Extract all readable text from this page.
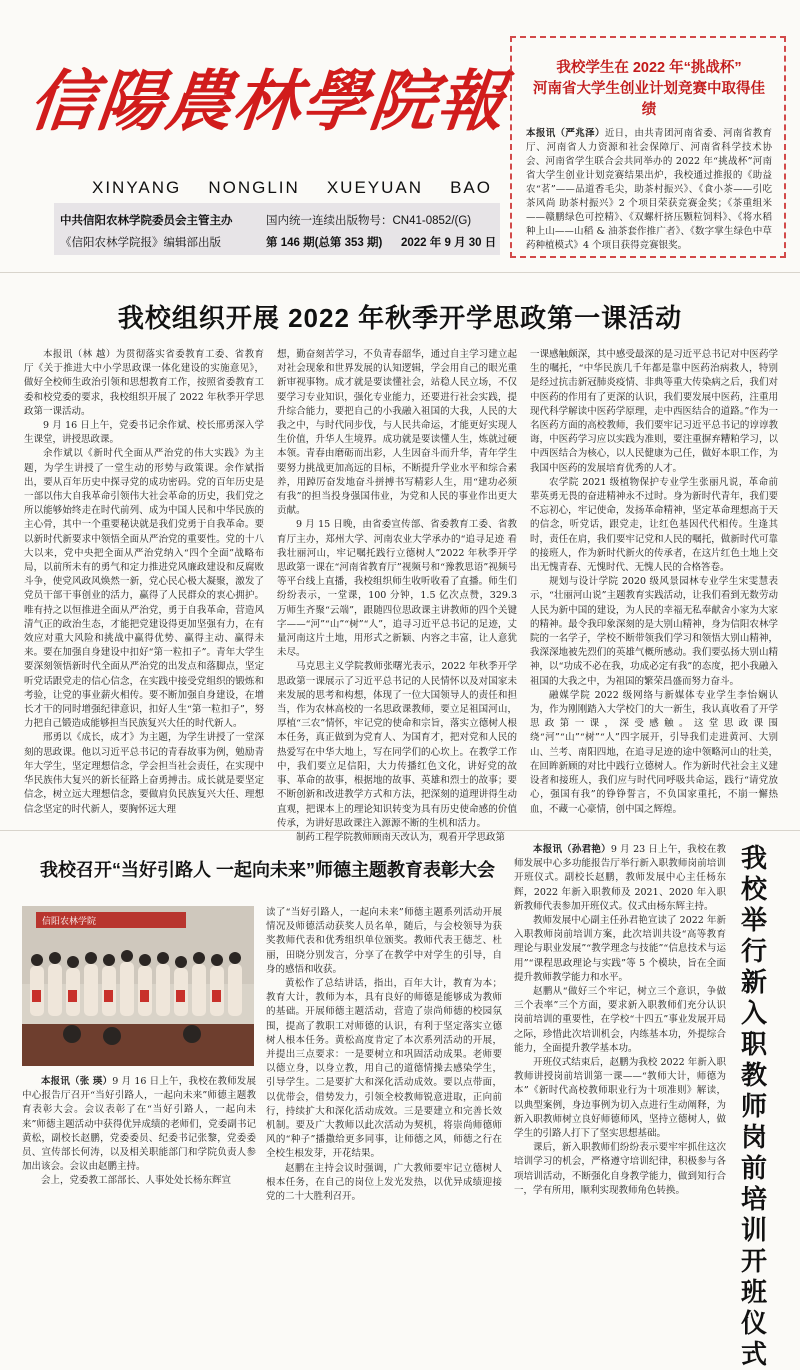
信陽農林學院報
XINYANG NONGLIN XUEYUAN BAO
中共信阳农林学院委员会主管主办	国内统一连续出版物号：CN41-0852/(G)
《信阳农林学院报》编辑部出版	第 146 期(总第 353 期) 2022 年 9 月 30 日
我校学生在 2022 年“挑战杯”
河南省大学生创业计划竞赛中取得佳绩
本报讯（严兆泽）近日，由共青团河南省委、河南省教育厅、河南省人力资源和社会保障厅、河南省科学技术协会、河南省学生联合会共同举办的 2022 年“挑战杯”河南省大学生创业计划竞赛结果出炉，我校通过推报的《助益农“茗”——品道香毛尖，助茶村振兴》、《食小茶——引吃茶风尚 助茶村振兴》2 个项目荣获竞赛金奖；《茶重组米——赣鹏绿色可控精》、《双螺杆挤压颗粒饲料》、《将水稻种上山——山稻 & 油茶套作推广者》、《数字掌生绿色中草药种植模式》4 个项目获得竞赛银奖。
我校组织开展 2022 年秋季开学思政第一课活动

本报讯（林 越）为贯彻落实省委教育工委、省教育厅《关于推进大中小学思政课一体化建设的实施意见》，做好全校师生政治引领和思想教育工作，按照省委教育工委和校党委的要求，我校组织开展了 2022 年秋季开学思政第一课活动。

9 月 16 日上午，党委书记余作斌、校长邢勇深入学生课堂，讲授思政课。

余作斌以《新时代全面从严治党的伟大实践》为主题，为学生讲授了一堂生动的形势与政策课。余作斌指出，要从百年历史中探寻党的成功密码。党的百年历史是一部以伟大自我革命引领伟大社会革命的历史，我们党之所以能够始终走在时代前列、成为中国人民和中华民族的主心骨，其中一个重要秘诀就是我们党勇于自我革命。要以新时代新要求中领悟全面从严治党的重要性。党的十八大以来，党中央把全面从严治党纳入“四个全面”战略布局，以前所未有的勇气和定力推进党风廉政建设和反腐败斗争，使党风政风焕然一新，党心民心极大凝聚，激发了党员干部干事创业的活力，赢得了人民群众的衷心拥护。唯有持之以恒推进全面从严治党，勇于自我革命，营造风清气正的政治生态，才能把党建设得更加坚强有力，在有效应对重大风险和挑战中赢得优势、赢得主动、赢得未来。要在加强自身建设中扣好“第一粒扣子”。青年大学生要深刻领悟新时代全面从严治党的出发点和落脚点，坚定听党话跟党走的信心信念，在实践中接受党组织的锻炼和考验，让党的事业薪火相传。要不断加强自身建设，在增长才干的同时增强纪律意识，扣好人生“第一粒扣子”，努力把自己锻造成能够担当民族复兴大任的时代新人。

邢勇以《成长，成才》为主题，为学生讲授了一堂深刻的思政课。他以习近平总书记的青春故事为例，勉励青年大学生，坚定理想信念，学会担当社会责任，在实现中华民族伟大复兴的新长征路上奋勇搏击。成长就是要坚定信念，树立远大理想信念，要做肩负民族复兴大任、理想信念坚定的时代新人，要胸怀远大理

想，勤奋刻苦学习，不负青春韶华，通过自主学习建立起对社会现象和世界发展的认知逻辑，学会用自己的眼光重新审视事物。成才就是要读懂社会，站稳人民立场，不仅要学习专业知识，强化专业能力，还要进行社会实践，提升综合能力，要把自己的小我融入祖国的大我，人民的大我之中，与时代同步伐，与人民共命运，才能更好实现人生价值，升华人生境界。成功就是要读懂人生，炼就过硬本领。青春由磨砺而出彩，人生因奋斗而升华，青年学生要努力挑战更加高远的目标，不断提升学业水平和综合素养，用踔厉奋发地奋斗拼搏书写精彩人生，用“建功必须有我”的担当投身强国伟业，为党和人民的事业作出更大贡献。

9 月 15 日晚，由省委宣传部、省委教育工委、省教育厅主办，郑州大学、河南农业大学承办的“追寻足迹 看我壮丽河山，牢记嘱托践行立德树人”2022 年秋季开学思政第一课在“河南省教育厅”视频号和“豫教思语”视频号等平台线上直播，我校组织师生收听收看了直播。师生们纷纷表示，一堂课，100 分钟，1.5 亿次点赞，329.3 万师生齐聚“云端”，跟随四位思政课主讲教师的四个关键字——“河”“山”“树”“人”，追寻习近平总书记的足迹，丈量河南这片土地，用形式之新颖、内容之丰富，让人意犹未尽。

马克思主义学院教师张曙光表示，2022 年秋季开学思政第一课展示了习近平总书记的人民情怀以及对国家未来发展的思考和构想，体现了一位大国领导人的责任和担当，作为农林高校的一名思政课教师，要立足祖国河山，厚植“三农”情怀，牢记党的使命和宗旨，落实立德树人根本任务，真正做到为党育人、为国育才，把对党和人民的热爱写在中华大地上，写在同学们的心坎上。在教学工作中，我们要立足信阳，大力传播红色文化，讲好党的故事、革命的故事，根据地的故事、英雄和烈士的故事；要不断创新和改进教学方式和方法，把深刻的道理讲得生动直观，把课本上的理论知识转变为具有历史使命感的价值传承，为讲好思政课注入源源不断的生机和活力。

制药工程学院教师顾南天改认为，观看开学思政第

一课感触颇深，其中感受最深的是习近平总书记对中医药学生的嘱托，“中华民族几千年都是靠中医药治病救人，特别是经过抗击新冠肺炎疫情、非典等重大传染病之后，我们对中医药的作用有了更深的认识，我们要发展中医药，注重用现代科学解读中医药学原理，走中西医结合的道路。”作为一名医药方面的高校教师，我们要牢记习近平总书记的谆谆教诲，中医药学习应以实践为准则，要注重摒弃糟粕学习，以中西医结合为核心，以人民健康为己任，做好本职工作，为我国中医药的发展培育优秀的人才。

农学院 2021 级植物保护专业学生张丽凡说，革命前辈英勇无畏的奋进精神永不过时。身为新时代青年，我们要不忘初心，牢记使命，发扬革命精神，坚定革命理想高于天的信念，听党话，跟党走，让红色基因代代相传。生逢其时，责任在肩，我们要牢记党和人民的嘱托，做新时代可靠的接班人，作为新时代新火的传承者，在这片红色土地上交出无愧青春、无愧时代、无愧人民的合格答卷。

规划与设计学院 2020 级风景园林专业学生宋雯慧表示，“壮丽河山说”主题教育实践活动，让我们看到无数劳动人民为新中国的建设，为人民的幸福无私奉献舍小家为大家的精神。最令我印象深刻的是大别山精神，身为信阳农林学院的一名学子，学校不断带领我们学习和领悟大别山精神，我深深地被先烈们的英雄气概所感动。我们要弘扬大别山精神，以“功成不必在我，功成必定有我”的态度，把小我融入祖国的大我之中，为祖国的繁荣昌盛而努力奋斗。

融媒学院 2022 级网络与新媒体专业学生李怡娴认为，作为刚刚踏入大学校门的大一新生，我认真收看了开学思政第一课，深受感触。这堂思政课围绕“河”“山”“树”“人”四字展开，引导我们走进黄河、大别山、兰考、南阳四地，在追寻足迹的途中领略河山的壮美，在回眸新顾的对比中践行立德树人。作为新时代社会主义建设者和接班人，我们应与时代同呼吸共命运，践行“请党放心，强国有我”的铮铮誓言，不负国家重托，不崩一懈热血，不藏一心豪情，创中国之辉煌。

我校召开“当好引路人 一起向未来”师德主题教育表彰大会
信阳农林学院

本报讯（张 瑛）9 月 16 日上午，我校在教师发展中心报告厅召开“当好引路人，一起向未来”师德主题教育表彰大会。会议表彰了在“当好引路人，一起向未来”师德主题活动中获得优异成绩的老师们，党委副书记黄松，副校长赵鹏，党委委员、纪委书记张黎，党委委员、宣传部长何涛，以及相关职能部门和学院负责人参加出该会。会议由赵鹏主持。

会上，党委教工部部长、人事处处长杨东辉宣

读了“当好引路人，一起向未来”师德主题系列活动开展情况及师德活动获奖人员名单，随后，与会校领导为获奖教师代表和优秀组织单位颁奖。教师代表王德芝、杜丽，田晓分别发言，分享了在教学中对学生的引导，自身的感悟和收获。

黄松作了总结讲话，指出，百年大计，教育为本；教育大计，教师为本，具有良好的师德是能够成为教师的基础。开展师德主题活动，营造了崇尚师德的校园氛围，提高了教职工对师德的认识，有利于坚定落实立德树人根本任务。黄松高度肯定了本次系列活动的开展，并提出三点要求：一是要树立和巩固活动成果。老师要以德立身，以身立教，用自己的道德情操去感染学生，引导学生。二是要扩大和深化活动成效。要以点带面，以优带会，借势发力，引领全校教师锐意进取，正向前行，持续扩大和深化活动成效。三是要建立和完善长效机制。要及广大教师以此次活动为契机，将崇尚师德师风的“种子”播撒给更多同事，让师德之风，师德之行在全校生根发芽，开花结果。

赵鹏在主持会议时强调，广大教师要牢记立德树人根本任务，在自己的岗位上发光发热，以优异成绩迎接党的二十大胜利召开。

本报讯（孙君艳）9 月 23 日上午，我校在教师发展中心多功能报告厅举行新入职教师岗前培训开班仪式。副校长赵鹏，教师发展中心主任杨东辉，2022 年新入职教师及 2021、2020 年入职新教师代表参加开班仪式。仪式由杨东辉主持。

教师发展中心副主任孙君艳宣读了 2022 年新入职教师岗前培训方案，此次培训共设“高等教育理论与职业发展”“教学理念与技能”“信息技术与运用”“课程思政理论与实践”等 5 个模块，旨在全面提升教师教学能力和水平。

赵鹏从“做好三个牢记，树立三个意识，争做三个表率”三个方面，要求新入职教师们充分认识岗前培训的重要性，在学校“十四五”事业发展开局之际，珍惜此次培训机会，内练基本功，外提综合能力，全面提升教学基本功。

开班仪式结束后，赵鹏为我校 2022 年新入职教师讲授岗前培训第一课——“教师大计，师德为本”《新时代高校教师职业行为十项准则》解读，以典型案例，身边事例为切入点进行生动阐释，为新入职教师树立良好师德师风，坚持立德树人，做学生的引路人打下了坚实思想基础。

课后，新入职教师们纷纷表示要牢牢抓住这次培训学习的机会，严格遵守培训纪律，积极参与各项培训活动，不断强化自身教学能力，做到知行合一，学有所用，顺利实现教师角色转换。

我校举行新入职教师岗前培训开班仪式
